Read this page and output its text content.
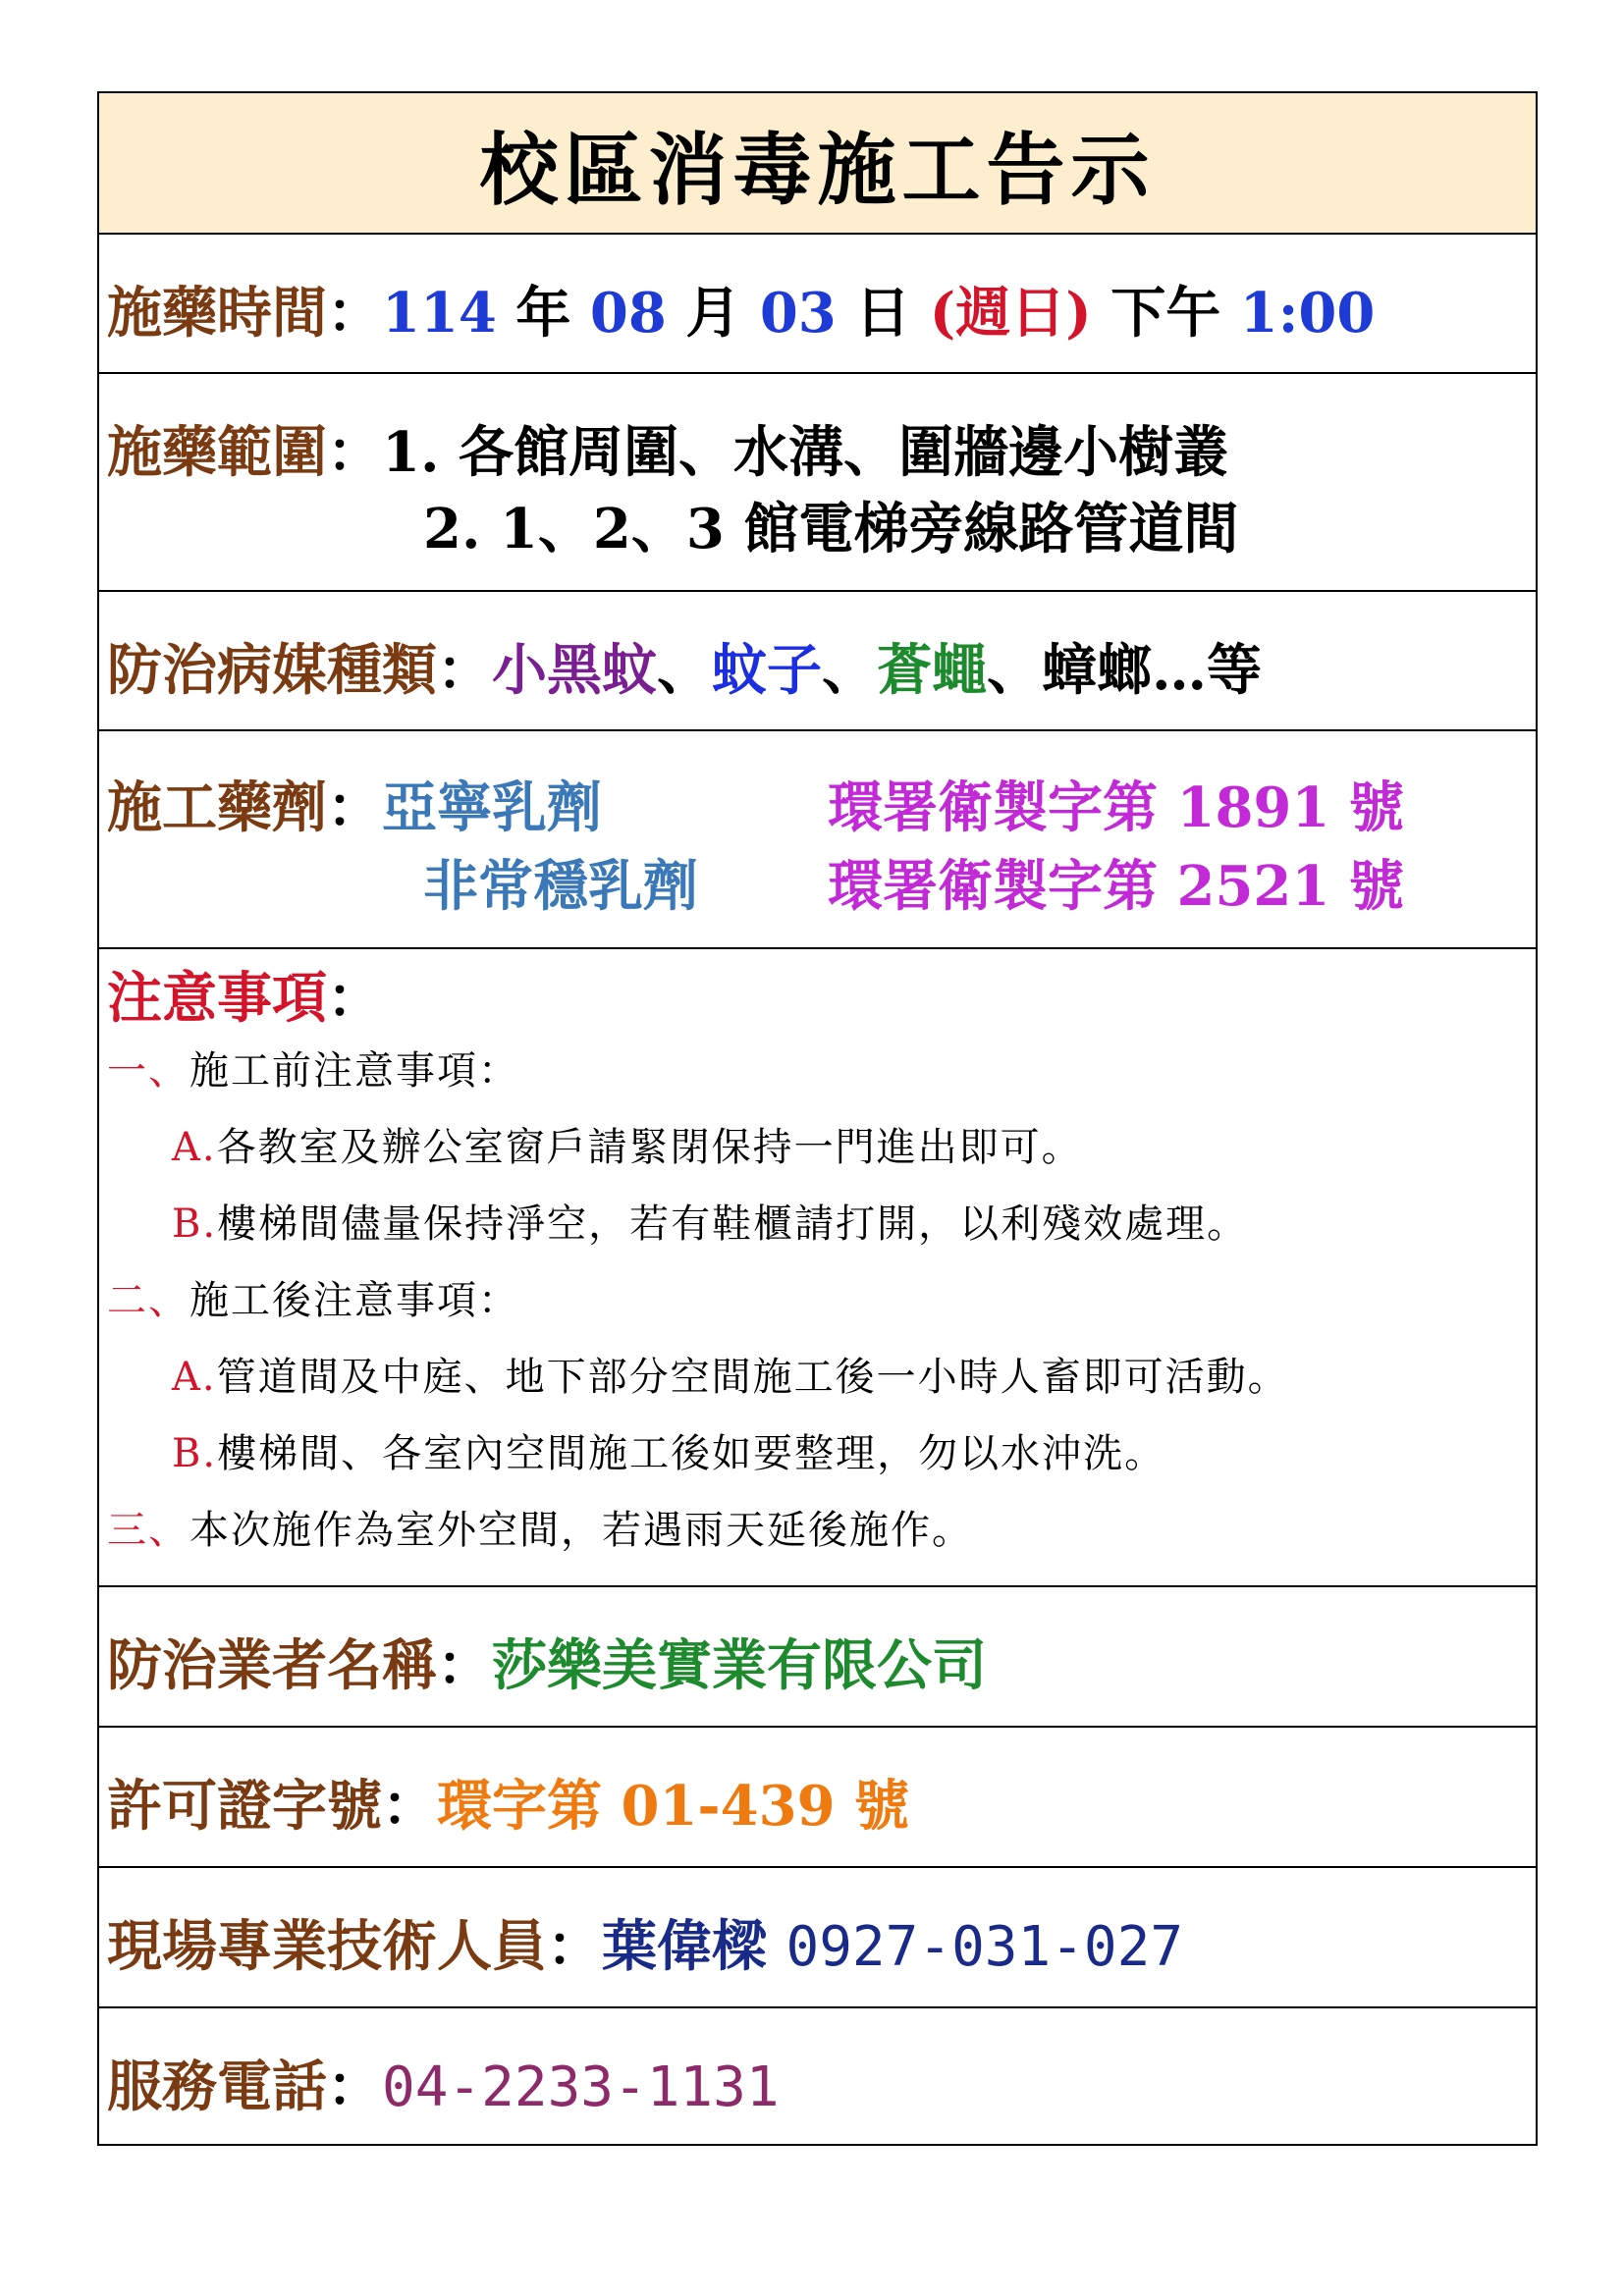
校區消毒施工告示
施藥時間：114 年 08 月 03 日 (週日) 下午 1:00
施藥範圍：1. 各館周圍、水溝、圍牆邊小樹叢
2. 1、2、3 館電梯旁線路管道間
防治病媒種類：小黑蚊、蚊子、蒼蠅、蟑螂…等
施工藥劑：亞寧乳劑	環署衛製字第 1891 號
非常穩乳劑 環署衛製字第 2521 號
注意事項：
一、施工前注意事項：
A.各教室及辦公室窗戶請緊閉保持一門進出即可。
B.樓梯間儘量保持淨空，若有鞋櫃請打開，以利殘效處理。
二、施工後注意事項：
A.管道間及中庭、地下部分空間施工後一小時人畜即可活動。
B.樓梯間、各室內空間施工後如要整理，勿以水沖洗。
三、本次施作為室外空間，若遇雨天延後施作。
防治業者名稱：莎樂美實業有限公司
許可證字號：環字第 01-439 號
現場專業技術人員：葉偉樑 0927-031-027
服務電話：04-2233-1131
